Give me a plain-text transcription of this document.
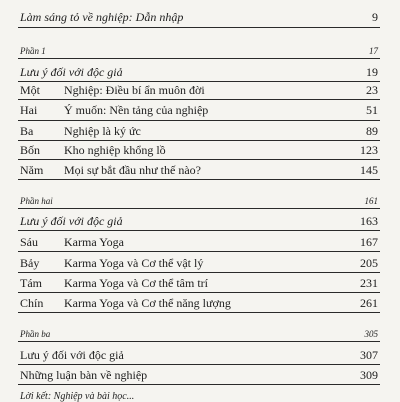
Làm sáng tỏ về nghiệp: Dẫn nhập	9
Phần 1	17
Lưu ý đối với độc giả	19
Một	Nghiệp: Điều bí ẩn muôn đời	23
Hai	Ý muốn: Nền tảng của nghiệp	51
Ba	Nghiệp là ký ức	89
Bốn	Kho nghiệp khổng lồ	123
Năm	Mọi sự bắt đầu như thế nào?	145
Phần hai	161
Lưu ý đối với độc giả	163
Sáu	Karma Yoga	167
Bảy	Karma Yoga và Cơ thể vật lý	205
Tám	Karma Yoga và Cơ thể tâm trí	231
Chín	Karma Yoga và Cơ thể năng lượng	261
Phần ba	305
Lưu ý đối với độc giả	307
Những luận bàn về nghiệp	309
Lời kết: Nghiệp và bài học...
